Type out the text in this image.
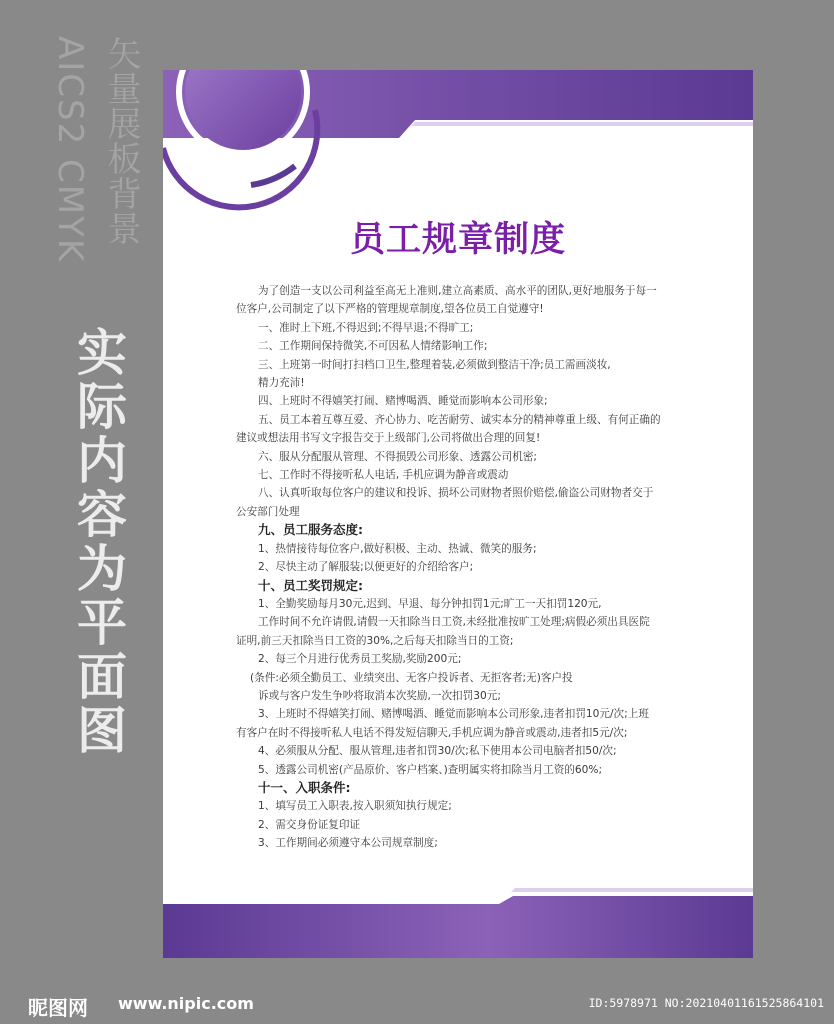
矢量展板背景
AICS2 CMYK
实际内容为平面图
员工规章制度

为了创造一支以公司利益至高无上准则,建立高素质、高水平的团队,更好地服务于每一

位客户,公司制定了以下严格的管理规章制度,望各位员工自觉遵守!

一、准时上下班,不得迟到;不得早退;不得旷工;

二、工作期间保持微笑,不可因私人情绪影响工作;

三、上班第一时间打扫档口卫生,整理着装,必须做到整洁干净;员工需画淡妆,

精力充沛!

四、上班时不得嬉笑打闹、赌博喝酒、睡觉而影响本公司形象;

五、员工本着互尊互爱、齐心协力、吃苦耐劳、诚实本分的精神尊重上级、有何正确的

建议或想法用书写文字报告交于上级部门,公司将做出合理的回复!

六、服从分配服从管理、不得损毁公司形象、透露公司机密;

七、工作时不得接听私人电话, 手机应调为静音或震动

八、认真听取每位客户的建议和投诉、损坏公司财物者照价赔偿,偷盗公司财物者交于

公安部门处理

九、员工服务态度:

1、热情接待每位客户,做好积极、主动、热诚、微笑的服务;

2、尽快主动了解服装;以便更好的介绍给客户;

十、员工奖罚规定:

1、全勤奖励每月30元,迟到、早退、每分钟扣罚1元;旷工一天扣罚120元,

工作时间不允许请假,请假一天扣除当日工资,未经批准按旷工处理;病假必须出具医院

证明,前三天扣除当日工资的30%,之后每天扣除当日的工资;

2、每三个月进行优秀员工奖励,奖励200元;

(条件:必须全勤员工、业绩突出、无客户投诉者、无拒客者;无)客户投

诉或与客户发生争吵将取消本次奖励,一次扣罚30元;

3、上班时不得嬉笑打闹、赌博喝酒、睡觉而影响本公司形象,违者扣罚10元/次;上班

有客户在时不得接听私人电话不得发短信聊天,手机应调为静音或震动,违者扣5元/次;

4、必须服从分配、服从管理,违者扣罚30/次;私下使用本公司电脑者扣50/次;

5、透露公司机密(产品原价、客户档案、)查明属实将扣除当月工资的60%;

十一、入职条件:

1、填写员工入职表,按入职须知执行规定;

2、需交身份证复印证

3、工作期间必须遵守本公司规章制度;

昵图网 www.nipic.com	ID:5978971 NO:20210401161525864101
